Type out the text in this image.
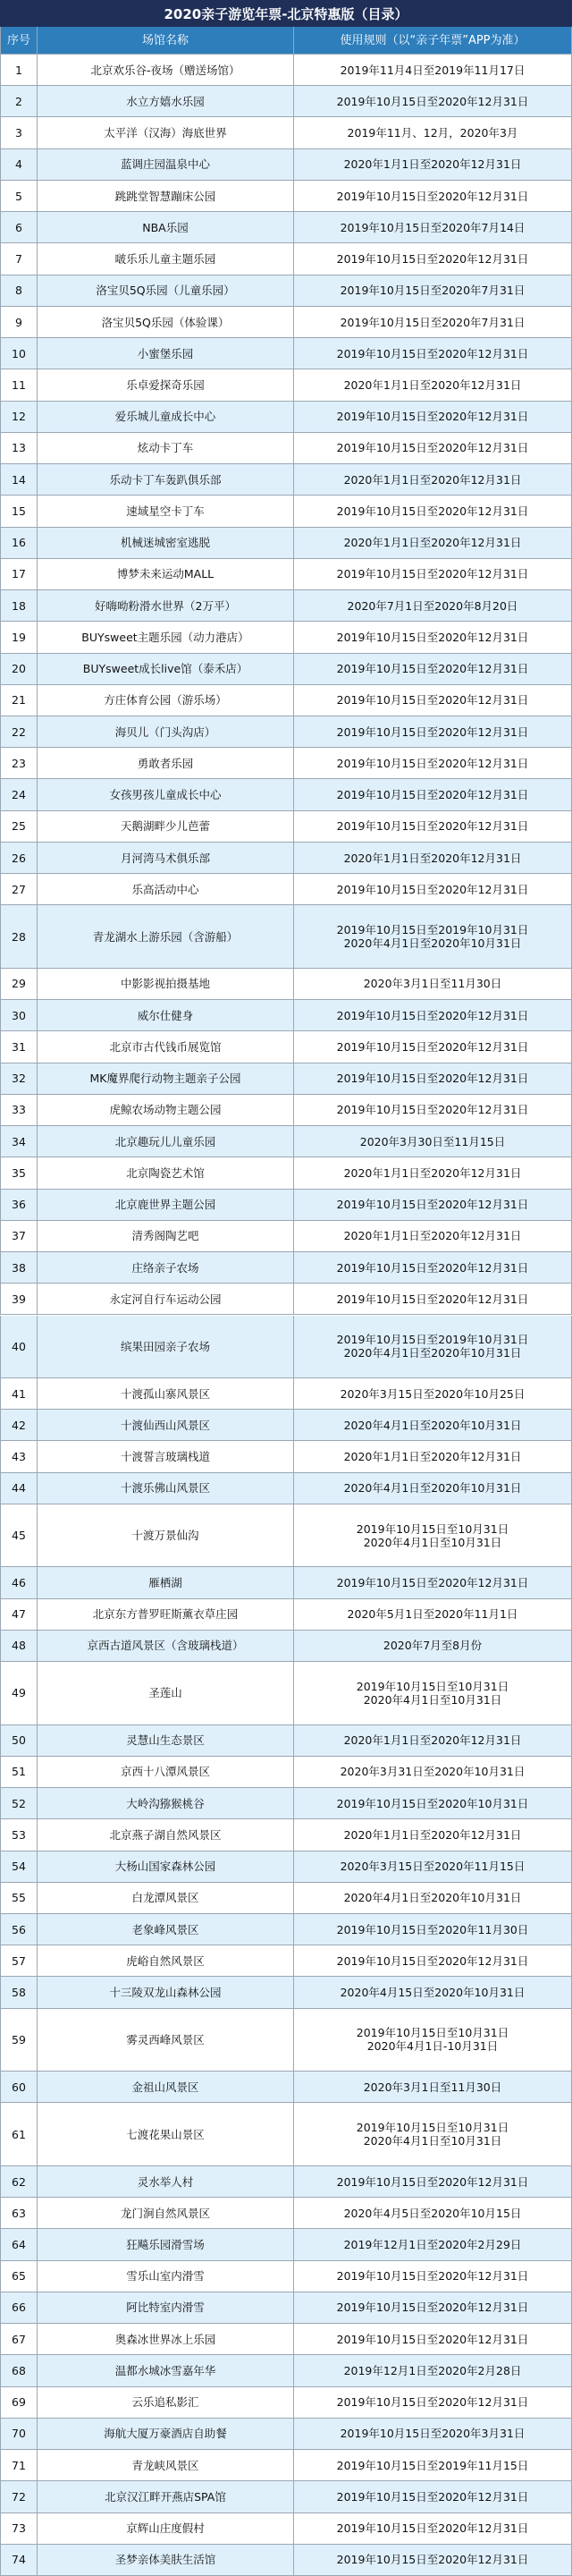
2020亲子游览年票-北京特惠版（目录）
序号	场馆名称	使用规则（以“亲子年票”APP为准）
1	北京欢乐谷-夜场（赠送场馆）	2019年11月4日至2019年11月17日
2	水立方嬉水乐园	2019年10月15日至2020年12月31日
3	太平洋（汉海）海底世界	2019年11月、12月，2020年3月
4	蓝调庄园温泉中心	2020年1月1日至2020年12月31日
5	跳跳堂智慧蹦床公园	2019年10月15日至2020年12月31日
6	NBA乐园	2019年10月15日至2020年7月14日
7	啵乐乐儿童主题乐园	2019年10月15日至2020年12月31日
8	洛宝贝5Q乐园（儿童乐园）	2019年10月15日至2020年7月31日
9	洛宝贝5Q乐园（体验课）	2019年10月15日至2020年7月31日
10	小蜜堡乐园	2019年10月15日至2020年12月31日
11	乐卓爱探奇乐园	2020年1月1日至2020年12月31日
12	爱乐城儿童成长中心	2019年10月15日至2020年12月31日
13	炫动卡丁车	2019年10月15日至2020年12月31日
14	乐动卡丁车轰趴俱乐部	2020年1月1日至2020年12月31日
15	速域星空卡丁车	2019年10月15日至2020年12月31日
16	机械迷城密室逃脱	2020年1月1日至2020年12月31日
17	博梦未来运动MALL	2019年10月15日至2020年12月31日
18	好嗨呦粉滑水世界（2万平）	2020年7月1日至2020年8月20日
19	BUYsweet主题乐园（动力港店）	2019年10月15日至2020年12月31日
20	BUYsweet成长live馆（泰禾店）	2019年10月15日至2020年12月31日
21	方庄体育公园（游乐场）	2019年10月15日至2020年12月31日
22	海贝儿（门头沟店）	2019年10月15日至2020年12月31日
23	勇敢者乐园	2019年10月15日至2020年12月31日
24	女孩男孩儿童成长中心	2019年10月15日至2020年12月31日
25	天鹅湖畔少儿芭蕾	2019年10月15日至2020年12月31日
26	月河湾马术俱乐部	2020年1月1日至2020年12月31日
27	乐高活动中心	2019年10月15日至2020年12月31日
28	青龙湖水上游乐园（含游船）	2019年10月15日至2019年10月31日
2020年4月1日至2020年10月31日
29	中影影视拍摄基地	2020年3月1日至11月30日
30	威尔仕健身	2019年10月15日至2020年12月31日
31	北京市古代钱币展览馆	2019年10月15日至2020年12月31日
32	MK魔界爬行动物主题亲子公园	2019年10月15日至2020年12月31日
33	虎鲸农场动物主题公园	2019年10月15日至2020年12月31日
34	北京趣玩儿儿童乐园	2020年3月30日至11月15日
35	北京陶瓷艺术馆	2020年1月1日至2020年12月31日
36	北京鹿世界主题公园	2019年10月15日至2020年12月31日
37	清秀阁陶艺吧	2020年1月1日至2020年12月31日
38	庄络亲子农场	2019年10月15日至2020年12月31日
39	永定河自行车运动公园	2019年10月15日至2020年12月31日
40	缤果田园亲子农场	2019年10月15日至2019年10月31日
2020年4月1日至2020年10月31日
41	十渡孤山寨风景区	2020年3月15日至2020年10月25日
42	十渡仙西山风景区	2020年4月1日至2020年10月31日
43	十渡誓言玻璃栈道	2020年1月1日至2020年12月31日
44	十渡乐佛山风景区	2020年4月1日至2020年10月31日
45	十渡万景仙沟	2019年10月15日至10月31日
2020年4月1日至10月31日
46	雁栖湖	2019年10月15日至2020年12月31日
47	北京东方普罗旺斯薰衣草庄园	2020年5月1日至2020年11月1日
48	京西古道风景区（含玻璃栈道）	2020年7月至8月份
49	圣莲山	2019年10月15日至10月31日
2020年4月1日至10月31日
50	灵慧山生态景区	2020年1月1日至2020年12月31日
51	京西十八潭风景区	2020年3月31日至2020年10月31日
52	大岭沟猕猴桃谷	2019年10月15日至2020年10月31日
53	北京燕子湖自然风景区	2020年1月1日至2020年12月31日
54	大杨山国家森林公园	2020年3月15日至2020年11月15日
55	白龙潭风景区	2020年4月1日至2020年10月31日
56	老象峰风景区	2019年10月15日至2020年11月30日
57	虎峪自然风景区	2019年10月15日至2020年12月31日
58	十三陵双龙山森林公园	2020年4月15日至2020年10月31日
59	雾灵西峰风景区	2019年10月15日至10月31日
2020年4月1日-10月31日
60	金祖山风景区	2020年3月1日至11月30日
61	七渡花果山景区	2019年10月15日至10月31日
2020年4月1日至10月31日
62	灵水举人村	2019年10月15日至2020年12月31日
63	龙门涧自然风景区	2020年4月5日至2020年10月15日
64	狂飚乐园滑雪场	2019年12月1日至2020年2月29日
65	雪乐山室内滑雪	2019年10月15日至2020年12月31日
66	阿比特室内滑雪	2019年10月15日至2020年12月31日
67	奥森冰世界冰上乐园	2019年10月15日至2020年12月31日
68	温都水城冰雪嘉年华	2019年12月1日至2020年2月28日
69	云乐追私影汇	2019年10月15日至2020年12月31日
70	海航大厦万豪酒店自助餐	2019年10月15日至2020年3月31日
71	青龙峡风景区	2019年10月15日至2019年11月15日
72	北京汉江畔开燕店SPA馆	2019年10月15日至2020年12月31日
73	京辉山庄度假村	2019年10月15日至2020年12月31日
74	圣梦亲体美肤生活馆	2019年10月15日至2020年12月31日
